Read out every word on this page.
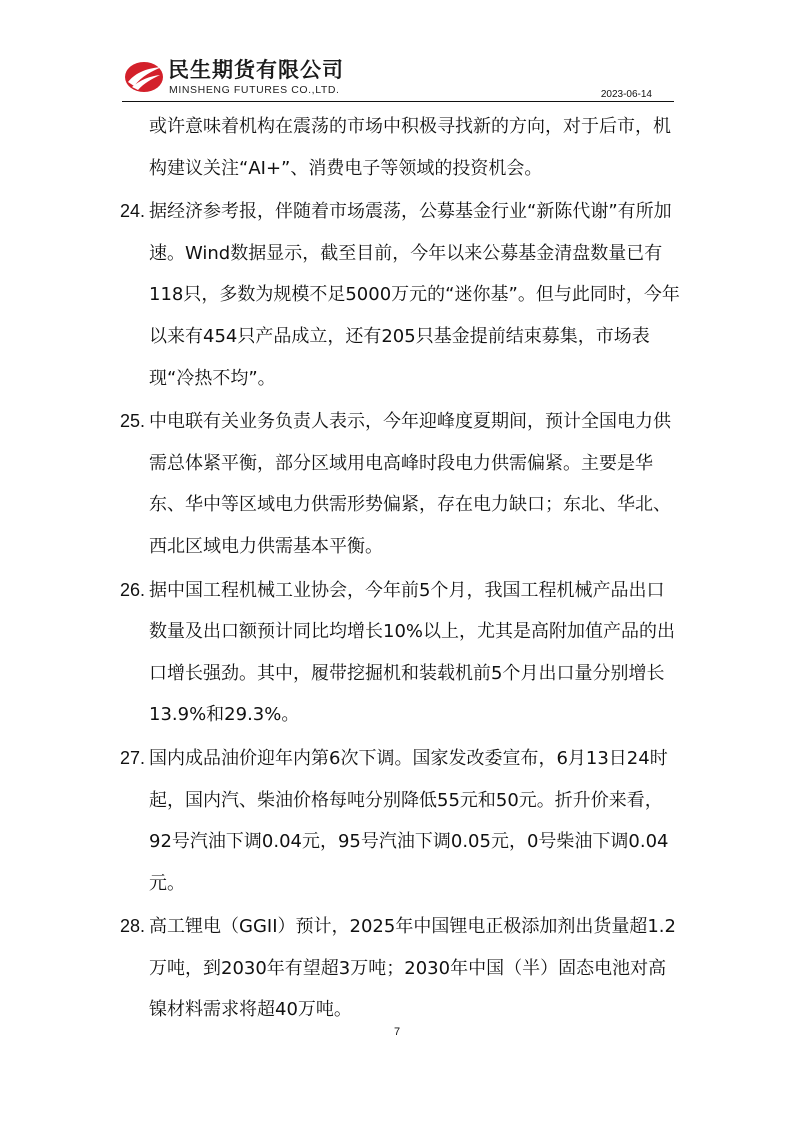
民生期货有限公司
MINSHENG FUTURES CO.,LTD.	2023-06-14

或许意味着机构在震荡的市场中积极寻找新的方向，对于后市，机构建议关注“AI+”、消费电子等领域的投资机会。

24. 据经济参考报，伴随着市场震荡，公募基金行业“新陈代谢”有所加速。Wind数据显示，截至目前，今年以来公募基金清盘数量已有118只，多数为规模不足5000万元的“迷你基”。但与此同时，今年以来有454只产品成立，还有205只基金提前结束募集，市场表现“冷热不均”。
25. 中电联有关业务负责人表示，今年迎峰度夏期间，预计全国电力供需总体紧平衡，部分区域用电高峰时段电力供需偏紧。主要是华东、华中等区域电力供需形势偏紧，存在电力缺口；东北、华北、西北区域电力供需基本平衡。
26. 据中国工程机械工业协会，今年前5个月，我国工程机械产品出口数量及出口额预计同比均增长10%以上，尤其是高附加值产品的出口增长强劲。其中，履带挖掘机和装载机前5个月出口量分别增长13.9%和29.3%。
27. 国内成品油价迎年内第6次下调。国家发改委宣布，6月13日24时起，国内汽、柴油价格每吨分别降低55元和50元。折升价来看，92号汽油下调0.04元，95号汽油下调0.05元，0号柴油下调0.04元。
28. 高工锂电（GGII）预计，2025年中国锂电正极添加剂出货量超1.2万吨，到2030年有望超3万吨；2030年中国（半）固态电池对高镍材料需求将超40万吨。
7
